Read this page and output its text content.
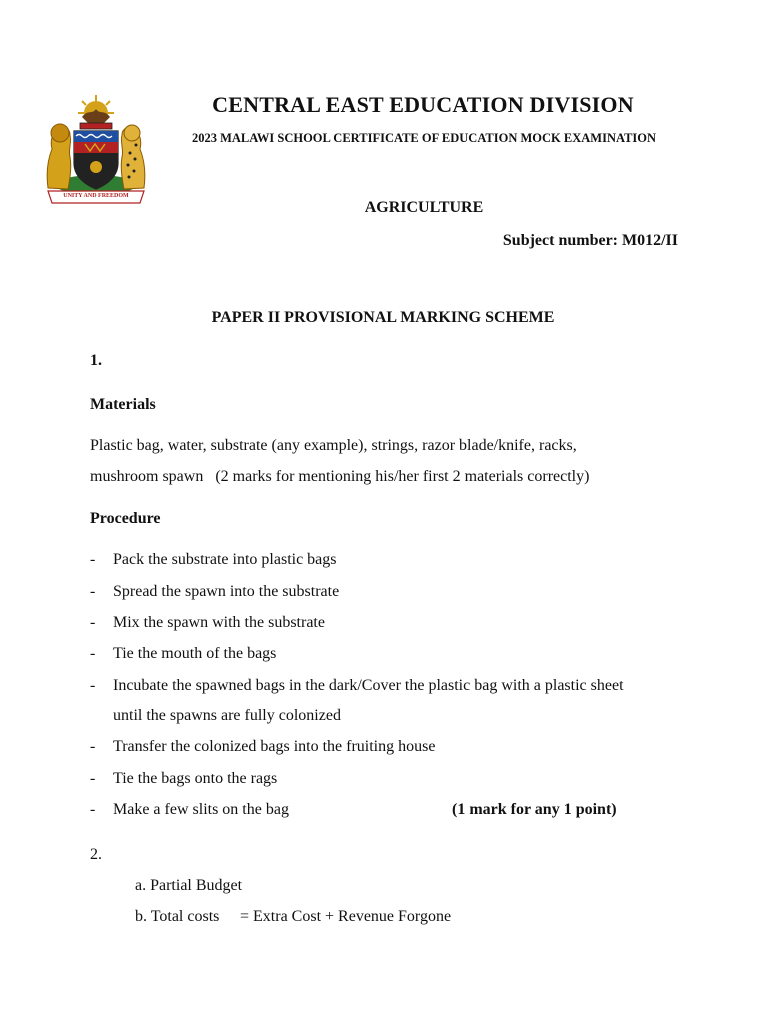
UNITY AND FREEDOM
CENTRAL EAST EDUCATION DIVISION
2023 MALAWI SCHOOL CERTIFICATE OF EDUCATION MOCK EXAMINATION
AGRICULTURE
Subject number: M012/II
PAPER II PROVISIONAL MARKING SCHEME
1.
Materials
Plastic bag, water, substrate (any example), strings, razor blade/knife, racks,
mushroom spawn   (2 marks for mentioning his/her first 2 materials correctly)
Procedure
- Pack the substrate into plastic bags
- Spread the spawn into the substrate
- Mix the spawn with the substrate
- Tie the mouth of the bags
- Incubate the spawned bags in the dark/Cover the plastic bag with a plastic sheet
until the spawns are fully colonized
- Transfer the colonized bags into the fruiting house
- Tie the bags onto the rags
- Make a few slits on the bag	(1 mark for any 1 point)
2.
a. Partial Budget
b. Total costs = Extra Cost + Revenue Forgone
